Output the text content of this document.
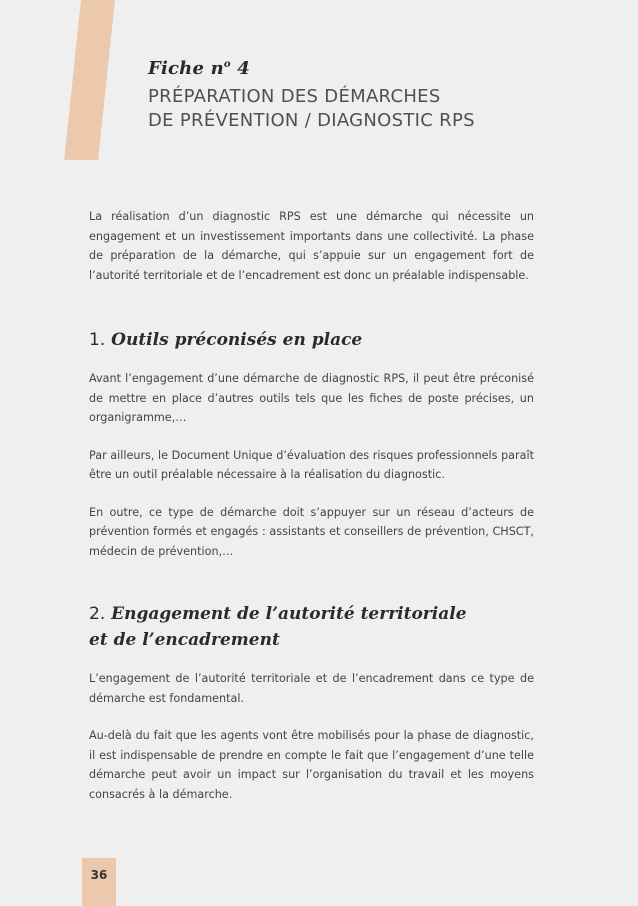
Fiche $n^o$ 4

PRÉPARATION DES DÉMARCHES

DE PRÉVENTION / DIAGNOSTIC RPS

La réalisation d’un diagnostic RPS est une démarche qui nécessite un engagement et un investissement importants dans une collectivité. La phase de préparation de la démarche, qui s’appuie sur un engagement fort de l’autorité territoriale et de l’encadrement est donc un préalable indispensable.

1. Outils préconisés en place

Avant l’engagement d’une démarche de diagnostic RPS, il peut être préconisé de mettre en place d’autres outils tels que les fiches de poste précises, un organigramme,…

Par ailleurs, le Document Unique d’évaluation des risques professionnels paraît être un outil préalable nécessaire à la réalisation du diagnostic.

En outre, ce type de démarche doit s’appuyer sur un réseau d’acteurs de prévention formés et engagés : assistants et conseillers de prévention, CHSCT, médecin de prévention,…

2. Engagement de l’autorité territoriale
et de l’encadrement

L’engagement de l’autorité territoriale et de l’encadrement dans ce type de démarche est fondamental.

Au-delà du fait que les agents vont être mobilisés pour la phase de diagnostic, il est indispensable de prendre en compte le fait que l’engagement d’une telle démarche peut avoir un impact sur l’organisation du travail et les moyens consacrés à la démarche.

36
